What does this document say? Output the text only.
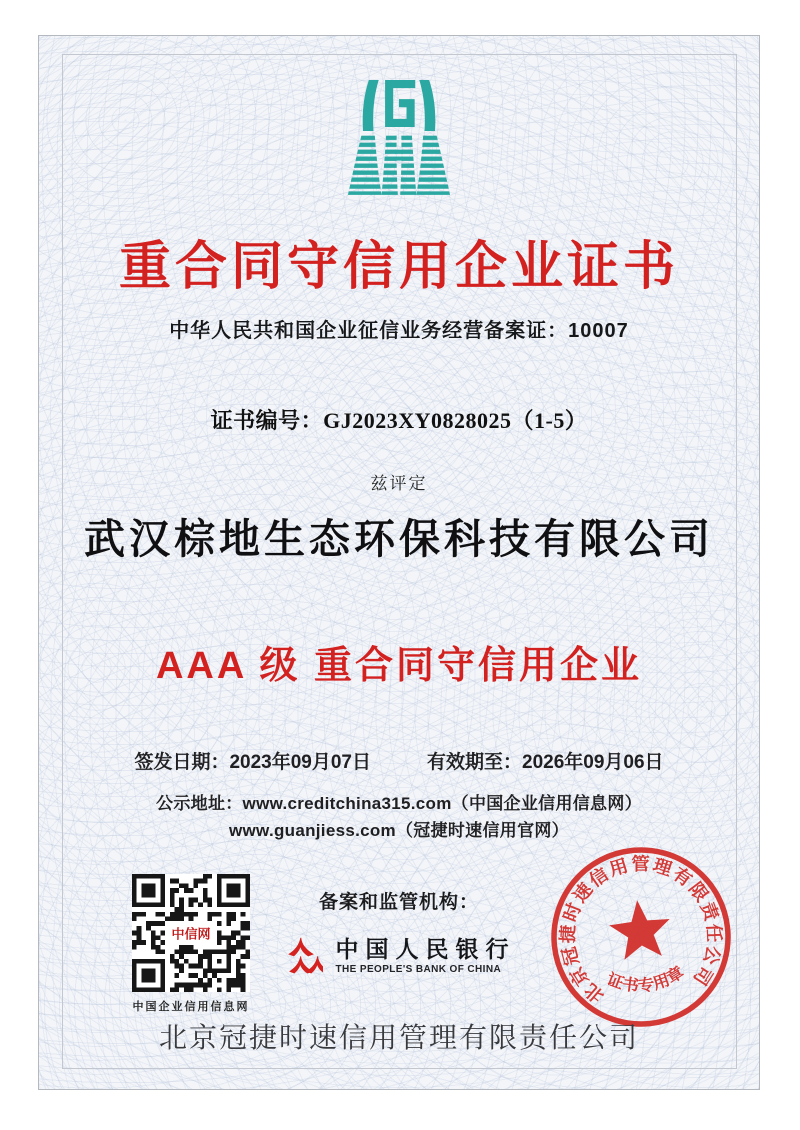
重合同守信用企业证书
中华人民共和国企业征信业务经营备案证：10007
证书编号：GJ2023XY0828025（1-5）
兹评定
武汉棕地生态环保科技有限公司
AAA 级 重合同守信用企业
签发日期：2023年09月07日	有效期至：2026年09月06日
公示地址：www.creditchina315.com（中国企业信用信息网）
www.guanjiess.com（冠捷时速信用官网）
中信网
中国企业信用信息网
备案和监管机构：
中国人民银行
THE PEOPLE'S BANK OF CHINA
北京冠捷时速信用管理有限责任公司
证书专用章
北京冠捷时速信用管理有限责任公司
